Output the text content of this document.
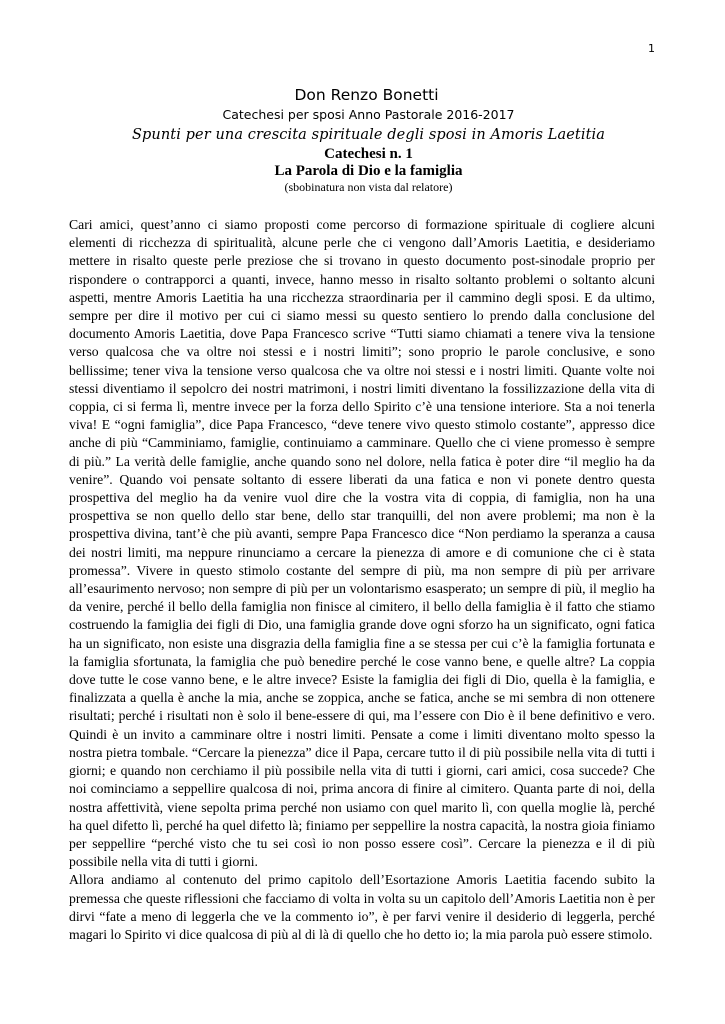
1
Don Renzo Bonetti
Catechesi per sposi Anno Pastorale 2016-2017
Spunti per una crescita spirituale degli sposi in Amoris Laetitia
Catechesi n. 1
La Parola di Dio e la famiglia
(sbobinatura non vista dal relatore)

Cari amici, quest’anno ci siamo proposti come percorso di formazione spirituale di cogliere alcuni elementi di ricchezza di spiritualità, alcune perle che ci vengono dall’Amoris Laetitia, e desideriamo mettere in risalto queste perle preziose che si trovano in questo documento post-sinodale proprio per rispondere o contrapporci a quanti, invece, hanno messo in risalto soltanto problemi o soltanto alcuni aspetti, mentre Amoris Laetitia ha una ricchezza straordinaria per il cammino degli sposi. E da ultimo, sempre per dire il motivo per cui ci siamo messi su questo sentiero lo prendo dalla conclusione del documento Amoris Laetitia, dove Papa Francesco scrive “Tutti siamo chiamati a tenere viva la tensione verso qualcosa che va oltre noi stessi e i nostri limiti”; sono proprio le parole conclusive, e sono bellissime; tener viva la tensione verso qualcosa che va oltre noi stessi e i nostri limiti. Quante volte noi stessi diventiamo il sepolcro dei nostri matrimoni, i nostri limiti diventano la fossilizzazione della vita di coppia, ci si ferma lì, mentre invece per la forza dello Spirito c’è una tensione interiore. Sta a noi tenerla viva! E “ogni famiglia”, dice Papa Francesco, “deve tenere vivo questo stimolo costante”, appresso dice anche di più “Camminiamo, famiglie, continuiamo a camminare. Quello che ci viene promesso è sempre di più.” La verità delle famiglie, anche quando sono nel dolore, nella fatica è poter dire “il meglio ha da venire”. Quando voi pensate soltanto di essere liberati da una fatica e non vi ponete dentro questa prospettiva del meglio ha da venire vuol dire che la vostra vita di coppia, di famiglia, non ha una prospettiva se non quello dello star bene, dello star tranquilli, del non avere problemi; ma non è la prospettiva divina, tant’è che più avanti, sempre Papa Francesco dice “Non perdiamo la speranza a causa dei nostri limiti, ma neppure rinunciamo a cercare la pienezza di amore e di comunione che ci è stata promessa”. Vivere in questo stimolo costante del sempre di più, ma non sempre di più per arrivare all’esaurimento nervoso; non sempre di più per un volontarismo esasperato; un sempre di più, il meglio ha da venire, perché il bello della famiglia non finisce al cimitero, il bello della famiglia è il fatto che stiamo costruendo la famiglia dei figli di Dio, una famiglia grande dove ogni sforzo ha un significato, ogni fatica ha un significato, non esiste una disgrazia della famiglia fine a se stessa per cui c’è la famiglia fortunata e la famiglia sfortunata, la famiglia che può benedire perché le cose vanno bene, e quelle altre? La coppia dove tutte le cose vanno bene, e le altre invece? Esiste la famiglia dei figli di Dio, quella è la famiglia, e finalizzata a quella è anche la mia, anche se zoppica, anche se fatica, anche se mi sembra di non ottenere risultati; perché i risultati non è solo il bene-essere di qui, ma l’essere con Dio è il bene definitivo e vero. Quindi è un invito a camminare oltre i nostri limiti. Pensate a come i limiti diventano molto spesso la nostra pietra tombale. “Cercare la pienezza” dice il Papa, cercare tutto il di più possibile nella vita di tutti i giorni; e quando non cerchiamo il più possibile nella vita di tutti i giorni, cari amici, cosa succede? Che noi cominciamo a seppellire qualcosa di noi, prima ancora di finire al cimitero. Quanta parte di noi, della nostra affettività, viene sepolta prima perché non usiamo con quel marito lì, con quella moglie là, perché ha quel difetto lì, perché ha quel difetto là; finiamo per seppellire la nostra capacità, la nostra gioia finiamo per seppellire “perché visto che tu sei così io non posso essere così”. Cercare la pienezza e il di più possibile nella vita di tutti i giorni.

Allora andiamo al contenuto del primo capitolo dell’Esortazione Amoris Laetitia facendo subito la premessa che queste riflessioni che facciamo di volta in volta su un capitolo dell’Amoris Laetitia non è per dirvi “fate a meno di leggerla che ve la commento io”, è per farvi venire il desiderio di leggerla, perché magari lo Spirito vi dice qualcosa di più al di là di quello che ho detto io; la mia parola può essere stimolo.
